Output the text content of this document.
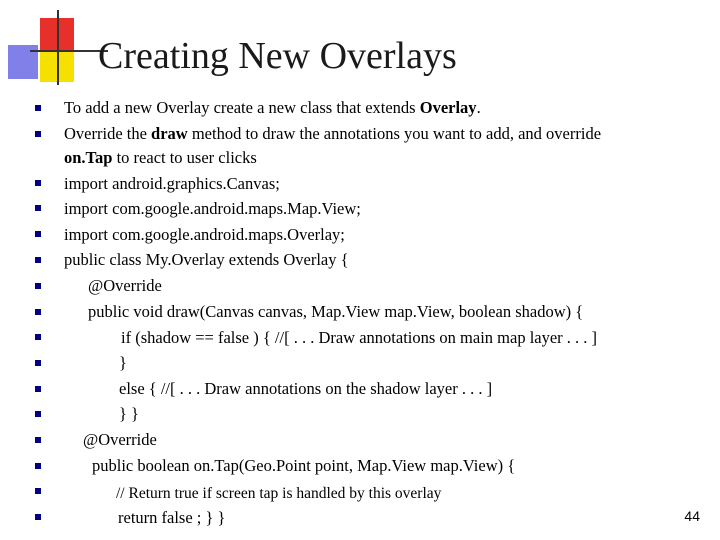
Creating New Overlays
To add a new Overlay create a new class that extends Overlay.
Override the draw method to draw the annotations you want to add, and override
on.Tap to react to user clicks
import android.graphics.Canvas;
import com.google.android.maps.Map.View;
import com.google.android.maps.Overlay;
public class My.Overlay extends Overlay {
@Override
public void draw(Canvas canvas, Map.View map.View, boolean shadow) {
if (shadow == false ) { //[ . . . Draw annotations on main map layer . . . ]
}
else { //[ . . . Draw annotations on the shadow layer . . . ]
} }
@Override
public boolean on.Tap(Geo.Point point, Map.View map.View) {
// Return true if screen tap is handled by this overlay
return false ; } }	44
